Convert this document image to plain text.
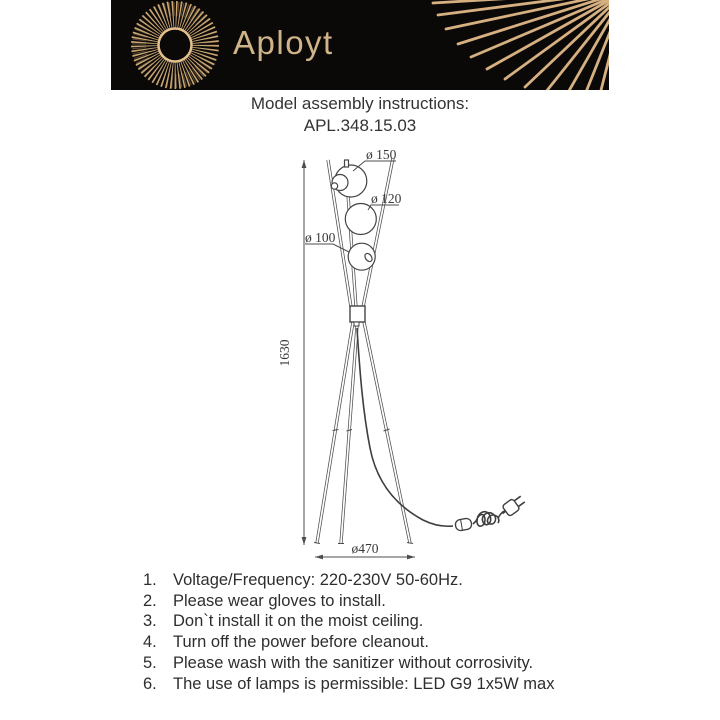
Aployt
Model assembly instructions:
APL.348.15.03
1630
ø 150
ø 120
ø 100
ø470
1. Voltage/Frequency: 220-230V 50-60Hz.
2. Please wear gloves to install.
3. Don`t install it on the moist ceiling.
4. Turn off the power before cleanout.
5. Please wash with the sanitizer without corrosivity.
6. The use of lamps is permissible: LED G9 1x5W max
